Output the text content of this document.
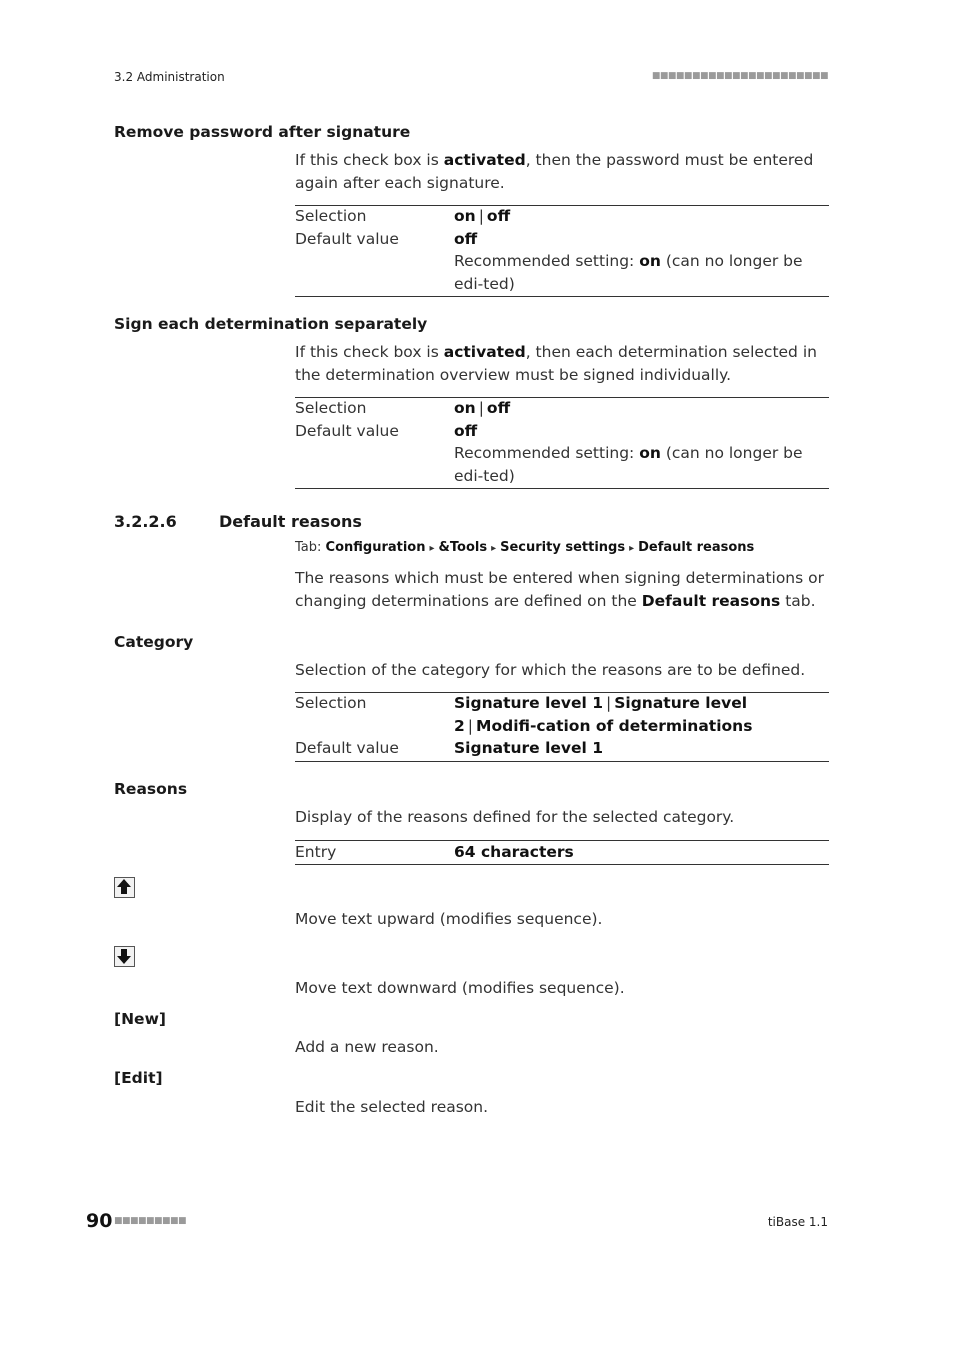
3.2 Administration	■■■■■■■■■■■■■■■■■■■■■■
Remove password after signature
If this check box is activated, then the password must be entered again after each signature.
Selection	on | off
Default value	off
Recommended setting: on (can no longer be edi-ted)
Sign each determination separately
If this check box is activated, then each determination selected in the determination overview must be signed individually.
Selection	on | off
Default value	off
Recommended setting: on (can no longer be edi-ted)
3.2.2.6	Default reasons
Tab: Configuration ▸ &Tools ▸ Security settings ▸ Default reasons
The reasons which must be entered when signing determinations or changing determinations are defined on the Default reasons tab.
Category
Selection of the category for which the reasons are to be defined.
Selection	Signature level 1 | Signature level 2 | Modifi-cation of determinations
Default value	Signature level 1
Reasons
Display of the reasons defined for the selected category.
Entry	64 characters
Move text upward (modifies sequence).
Move text downward (modifies sequence).
[New]
Add a new reason.
[Edit]
Edit the selected reason.
90 ■■■■■■■■■	tiBase 1.1
